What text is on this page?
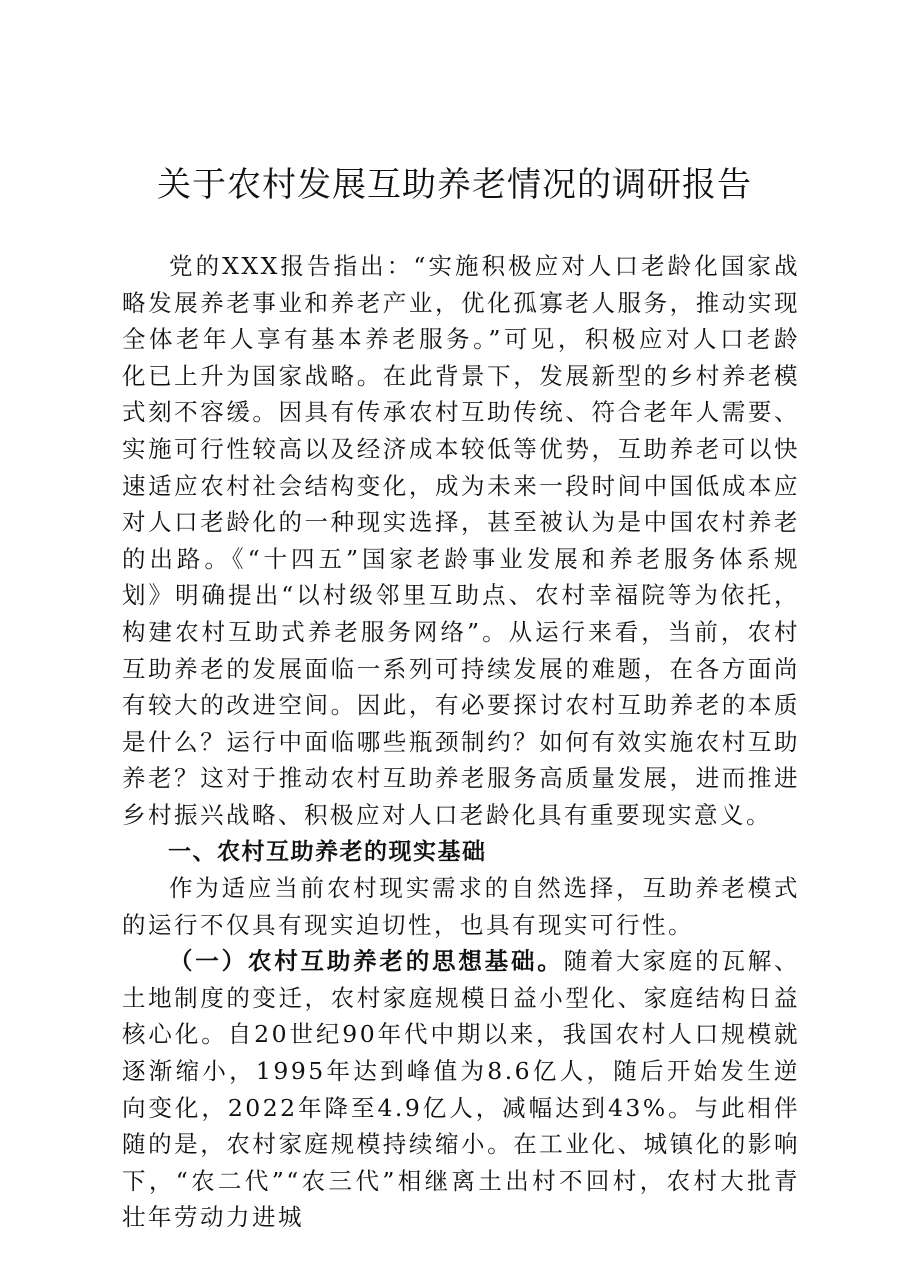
关于农村发展互助养老情况的调研报告

党的XXX报告指出：“实施积极应对人口老龄化国家战略发展养老事业和养老产业，优化孤寡老人服务，推动实现全体老年人享有基本养老服务。”可见，积极应对人口老龄化已上升为国家战略。在此背景下，发展新型的乡村养老模式刻不容缓。因具有传承农村互助传统、符合老年人需要、实施可行性较高以及经济成本较低等优势，互助养老可以快速适应农村社会结构变化，成为未来一段时间中国低成本应对人口老龄化的一种现实选择，甚至被认为是中国农村养老的出路。《“十四五”国家老龄事业发展和养老服务体系规划》明确提出“以村级邻里互助点、农村幸福院等为依托，构建农村互助式养老服务网络”。从运行来看，当前，农村互助养老的发展面临一系列可持续发展的难题，在各方面尚有较大的改进空间。因此，有必要探讨农村互助养老的本质是什么？运行中面临哪些瓶颈制约？如何有效实施农村互助养老？这对于推动农村互助养老服务高质量发展，进而推进乡村振兴战略、积极应对人口老龄化具有重要现实意义。

一、农村互助养老的现实基础

作为适应当前农村现实需求的自然选择，互助养老模式的运行不仅具有现实迫切性，也具有现实可行性。

（一）农村互助养老的思想基础。随着大家庭的瓦解、土地制度的变迁，农村家庭规模日益小型化、家庭结构日益核心化。自20世纪90年代中期以来，我国农村人口规模就逐渐缩小，1995年达到峰值为8.6亿人，随后开始发生逆向变化，2022年降至4.9亿人，减幅达到43%。与此相伴随的是，农村家庭规模持续缩小。在工业化、城镇化的影响下，“农二代”“农三代”相继离土出村不回村，农村大批青壮年劳动力进城
